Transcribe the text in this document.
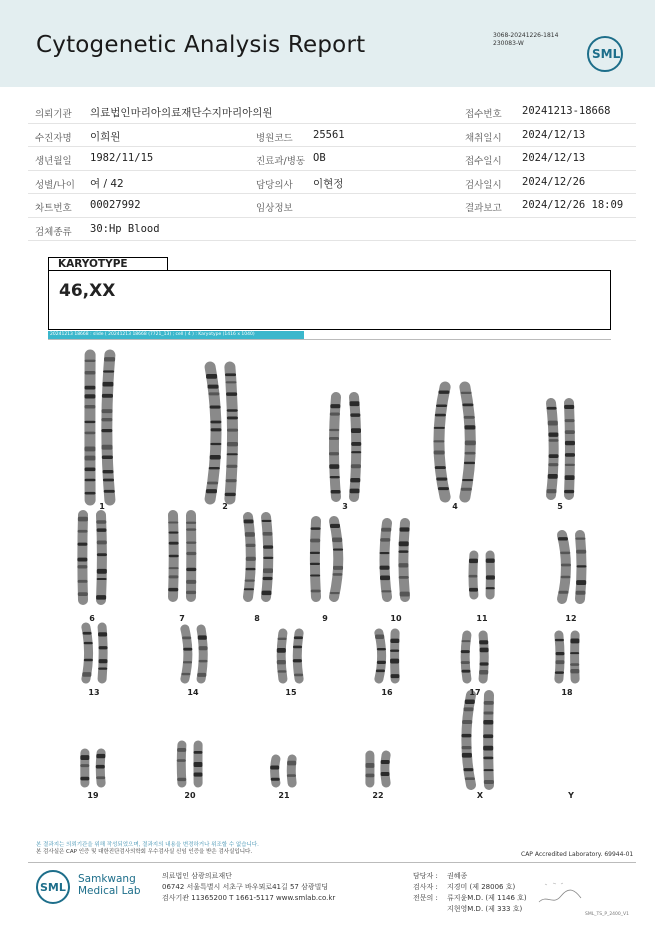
Cytogenetic Analysis Report	3068-20241226-1814
230083-W
SML
의뢰기관 의료법인마리아의료재단수지마리아의원	접수번호 20241213-18668
수진자명 이희원	병원코드 25561	채취일시 2024/12/13
생년월일 1982/11/15	진료과/병동 OB	접수일시 2024/12/13
성별/나이 여 / 42	담당의사 이현정	검사일시 2024/12/26
차트번호 00027992	임상정보	결과보고 2024/12/26 18:09
검체종류 30:Hp Blood
KARYOTYPE
46,XX
20241213 18668 : slide ( 20241213 18668 (7721_13) ; cell ( 4 ) : Karyotype (1416 x 1040)
1	2	3	4	5
6	7	8	9	10	11	12
13	14	15	16	17	18
19	20	21	22	X	Y
본 결과지는 의뢰기관을 위해 작성되었으며, 결과지의 내용을 변경하거나 위조할 수 없습니다.
본 검사실은 CAP 인증 및 대한진단검사의학회 우수검사실 신임 인증을 받은 검사실입니다.	CAP Accredited Laboratory. 69944-01
SML
Samkwang
Medical Lab
의료법인 삼광의료재단
06742 서울특별시 서초구 바우뫼로41길 57 삼광빌딩
검사기관 11365200 T 1661-5117 www.smlab.co.kr
담당자 : 권혜종
검사자 : 지경미 (제 28006 호)
전문의 : 류지윤M.D. (제 1146 호)
지현영M.D. (제 333 호)
SML_TS_P_2400_V1
